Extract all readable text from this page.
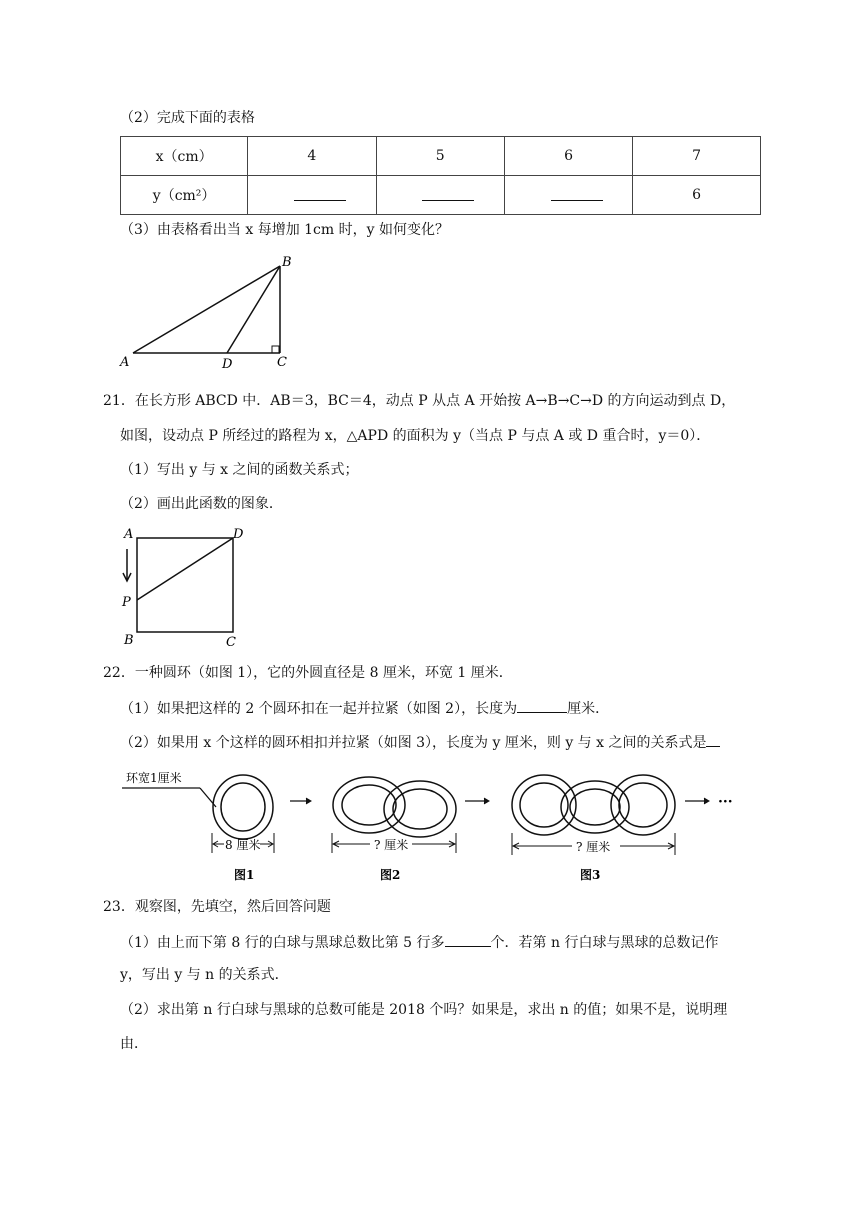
（2）完成下面的表格
x（cm）	4	5	6	7
y（cm²）				6
（3）由表格看出当 x 每增加 1cm 时，y 如何变化？
A
B
C
D
21．在长方形 ABCD 中．AB＝3，BC＝4，动点 P 从点 A 开始按 A→B→C→D 的方向运动到点 D，
如图，设动点 P 所经过的路程为 x，△APD 的面积为 y（当点 P 与点 A 或 D 重合时，y＝0）．
（1）写出 y 与 x 之间的函数关系式；
（2）画出此函数的图象．
A	D
P
B	C
22．一种圆环（如图 1），它的外圆直径是 8 厘米，环宽 1 厘米．
（1）如果把这样的 2 个圆环扣在一起并拉紧（如图 2），长度为	厘米．
（2）如果用 x 个这样的圆环相扣并拉紧（如图 3），长度为 y 厘米，则 y 与 x 之间的关系式是
环宽1厘米
8 厘米
图1
? 厘米
图2
? 厘米
图3
···
23．观察图，先填空，然后回答问题
（1）由上而下第 8 行的白球与黑球总数比第 5 行多	个．若第 n 行白球与黑球的总数记作
y，写出 y 与 n 的关系式．
（2）求出第 n 行白球与黑球的总数可能是 2018 个吗？如果是，求出 n 的值；如果不是，说明理
由．
